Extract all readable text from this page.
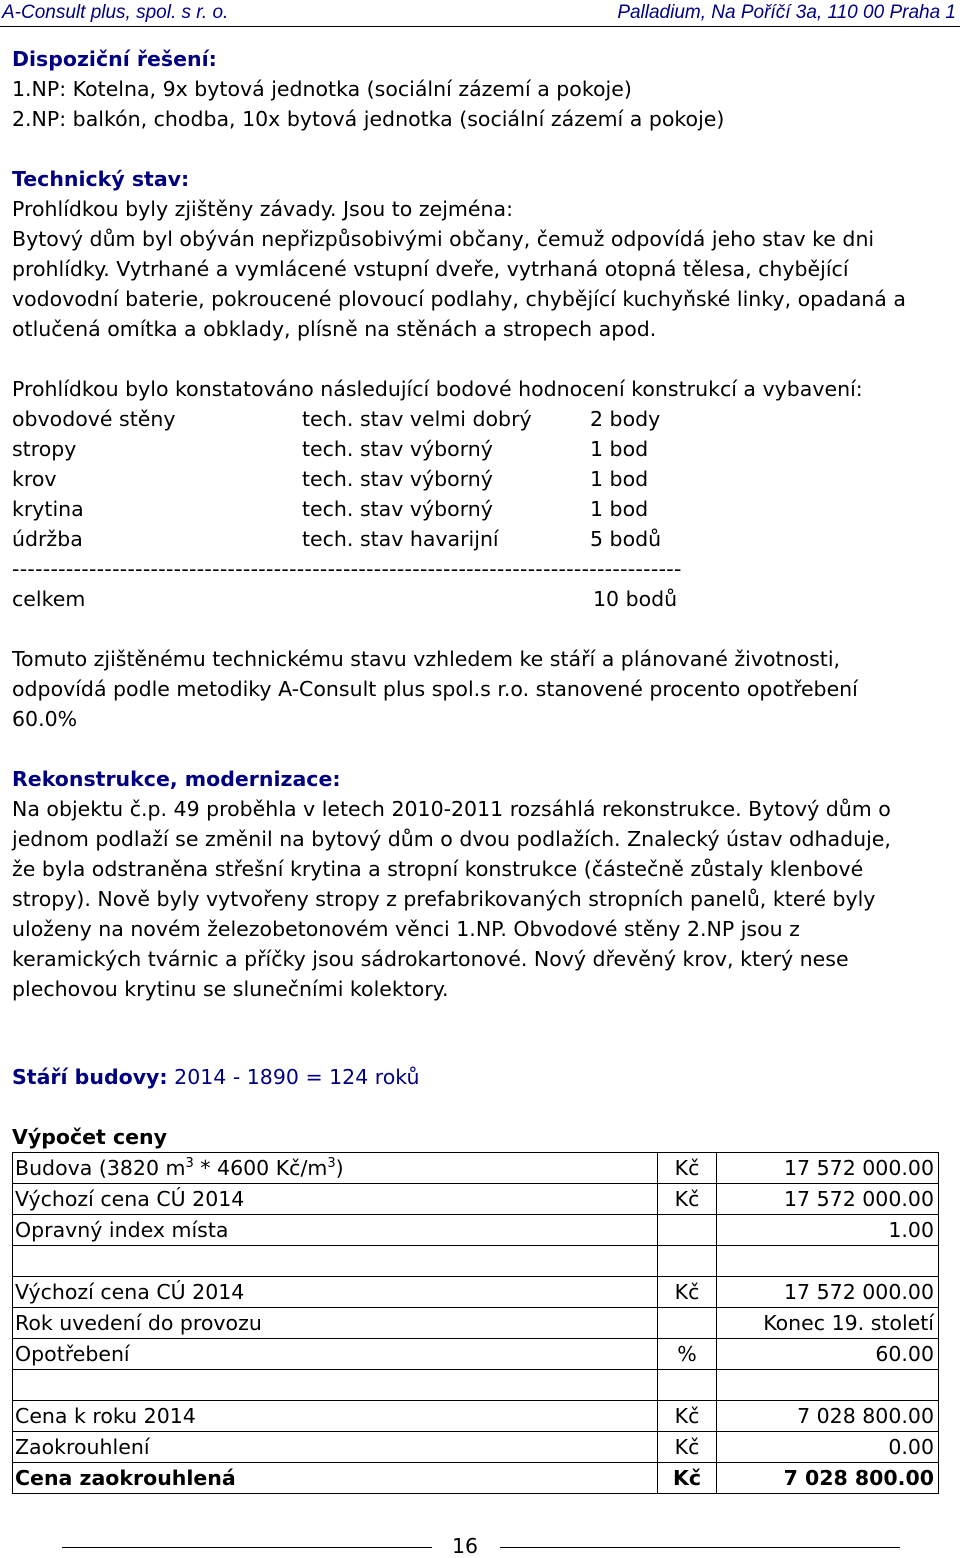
A-Consult plus, spol. s r. o.	Palladium, Na Poříčí 3a, 110 00 Praha 1

Dispoziční řešení:

1.NP: Kotelna, 9x bytová jednotka (sociální zázemí a pokoje)

2.NP: balkón, chodba, 10x bytová jednotka (sociální zázemí a pokoje)

Technický stav:

Prohlídkou byly zjištěny závady. Jsou to zejména:

Bytový dům byl obýván nepřizpůsobivými občany, čemuž odpovídá jeho stav ke dni

prohlídky. Vytrhané a vymlácené vstupní dveře, vytrhaná otopná tělesa, chybějící

vodovodní baterie, pokroucené plovoucí podlahy, chybějící kuchyňské linky, opadaná a

otlučená omítka a obklady, plísně na stěnách a stropech apod.

Prohlídkou bylo konstatováno následující bodové hodnocení konstrukcí a vybavení:

obvodové stěny	tech. stav velmi dobrý	2 body
stropy	tech. stav výborný	1 bod
krov	tech. stav výborný	1 bod
krytina	tech. stav výborný	1 bod
údržba	tech. stav havarijní	5 bodů
---------------------------------------------------------------------------------------
celkem	10 bodů

Tomuto zjištěnému technickému stavu vzhledem ke stáří a plánované životnosti,

odpovídá podle metodiky A-Consult plus spol.s r.o. stanovené procento opotřebení

60.0%

Rekonstrukce, modernizace:

Na objektu č.p. 49 proběhla v letech 2010-2011 rozsáhlá rekonstrukce. Bytový dům o

jednom podlaží se změnil na bytový dům o dvou podlažích. Znalecký ústav odhaduje,

že byla odstraněna střešní krytina a stropní konstrukce (částečně zůstaly klenbové

stropy). Nově byly vytvořeny stropy z prefabrikovaných stropních panelů, které byly

uloženy na novém železobetonovém věnci 1.NP. Obvodové stěny 2.NP jsou z

keramických tvárnic a příčky jsou sádrokartonové. Nový dřevěný krov, který nese

plechovou krytinu se slunečními kolektory.

Stáří budovy: 2014 - 1890 = 124 roků

Výpočet ceny

Budova (3820 $m^3 * 4600$ $Kč/m^3$)	Kč	17 572 000.00
Výchozí cena CÚ 2014	Kč	17 572 000.00
Opravný index místa		1.00

Výchozí cena CÚ 2014	Kč	17 572 000.00
Rok uvedení do provozu		Konec 19. století
Opotřebení	%	60.00

Cena k roku 2014	Kč	7 028 800.00
Zaokrouhlení	Kč	0.00
Cena zaokrouhlená	Kč	7 028 800.00
16
